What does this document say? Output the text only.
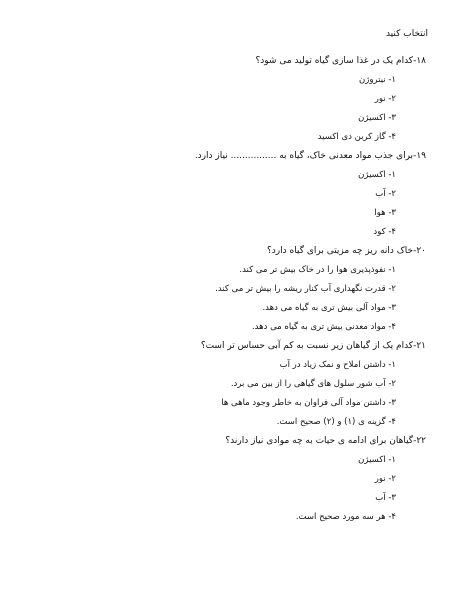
انتخاب کنید
۱۸-کدام یک در غذا سازی گیاه تولید می شود؟
۱- نیتروژن
۲- نور
۳- اکسیژن
۴- گاز کربن دی اکسید
۱۹-برای جذب مواد معدنی خاک، گیاه به ................ نیاز دارد.
۱- اکسیژن
۲- آب
۳- هوا
۴- کود
۲۰-خاک دانه ریز چه مزیتی برای گیاه دارد؟
۱- نفوذپذیری هوا را در خاک بیش تر می کند.
۲- قدرت نگهداری آب کنار ریشه را بیش تر می کند.
۳- مواد آلی بیش تری به گیاه می دهد.
۴- مواد معدنی بیش تری به گیاه می دهد.
۲۱-کدام یک از گیاهان زیر نسبت به کم آبی حساس تر است؟
۱- داشتن املاح و نمک زیاد در آب
۲- آب شور سلول های گیاهی را از بین می برد.
۳- داشتن مواد آلی فراوان به خاطر وجود ماهی ها
۴- گزینه ی (۱) و (۲) صحیح است.
۲۲-گیاهان برای ادامه ی حیات به چه موادی نیاز دارند؟
۱- اکسیژن
۲- نور
۳- آب
۴- هر سه مورد صحیح است.
